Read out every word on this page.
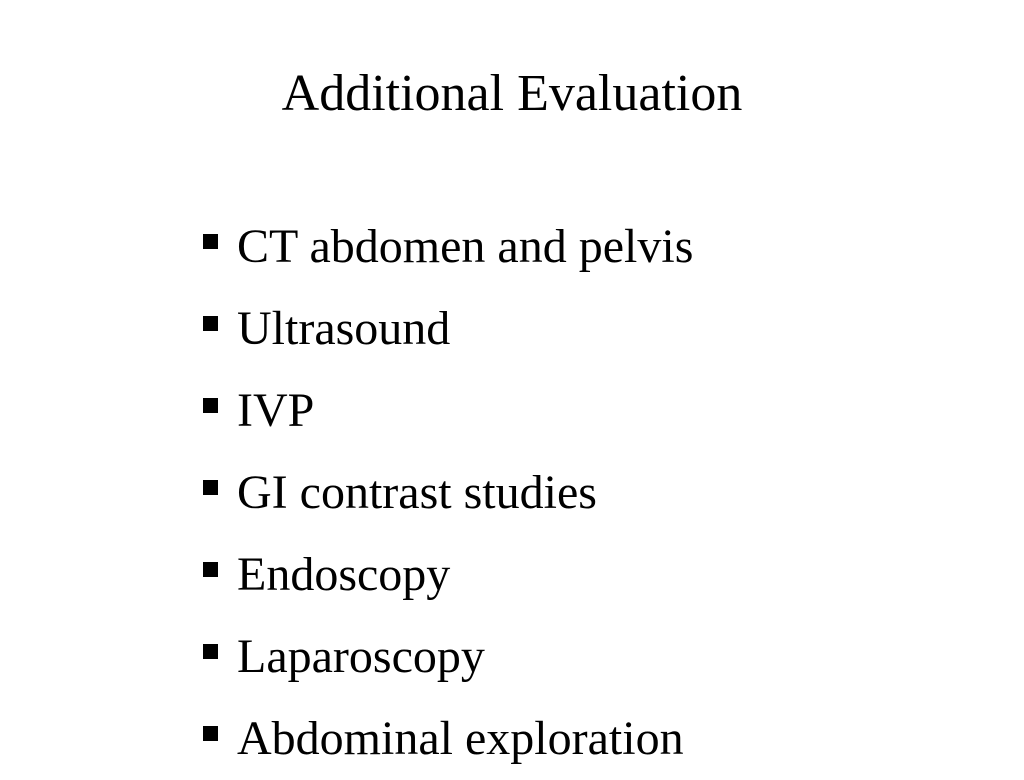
Additional Evaluation
CT abdomen and pelvis
Ultrasound
IVP
GI contrast studies
Endoscopy
Laparoscopy
Abdominal exploration
